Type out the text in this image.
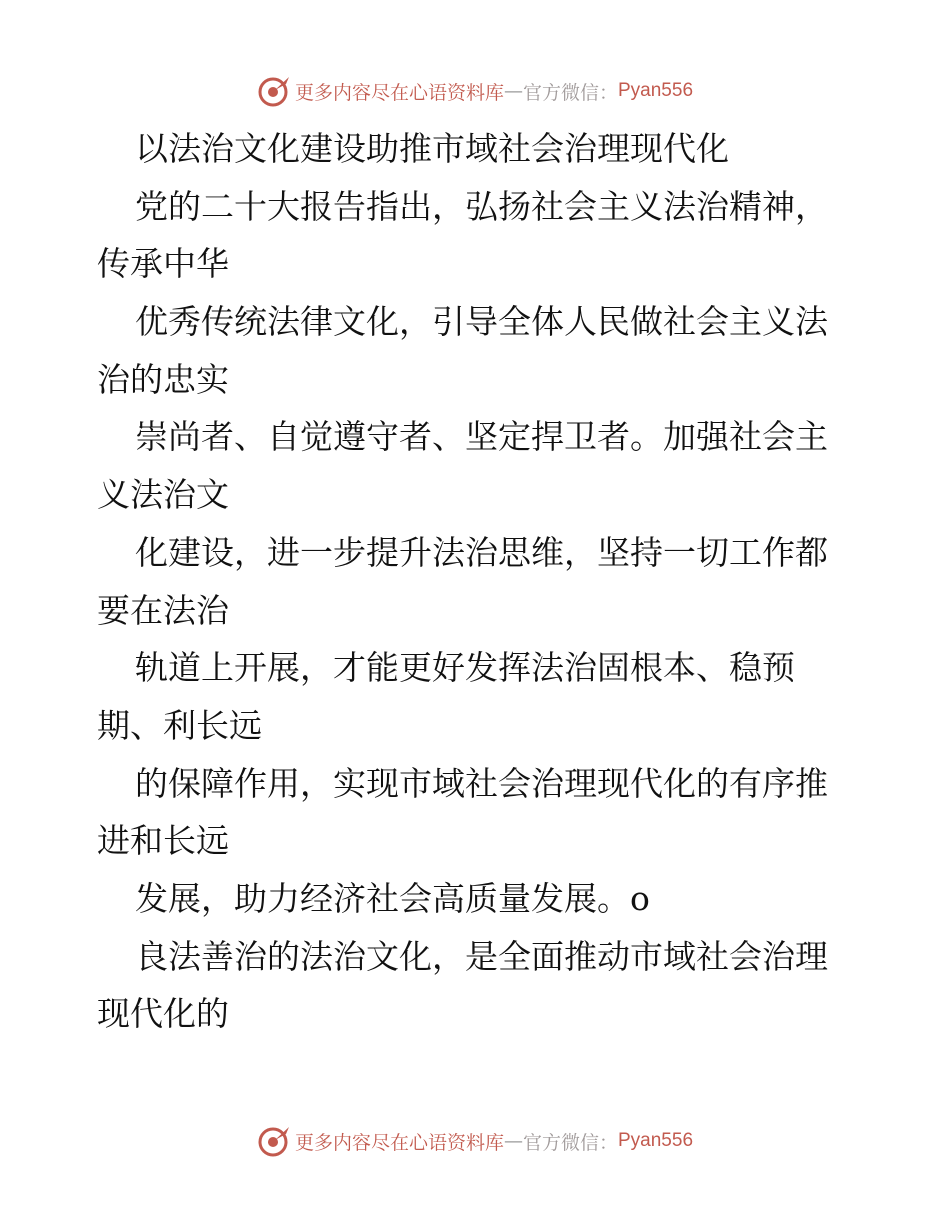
更多内容尽在心语资料库 — 官方微信： Pyan556

以法治文化建设助推市域社会治理现代化

党的二十大报告指出，弘扬社会主义法治精神，

传承中华

优秀传统法律文化，引导全体人民做社会主义法

治的忠实

崇尚者、自觉遵守者、坚定捍卫者。加强社会主

义法治文

化建设，进一步提升法治思维，坚持一切工作都

要在法治

轨道上开展，才能更好发挥法治固根本、稳预

期、利长远

的保障作用，实现市域社会治理现代化的有序推

进和长远

发展，助力经济社会高质量发展。o

良法善治的法治文化，是全面推动市域社会治理

现代化的

更多内容尽在心语资料库 — 官方微信： Pyan556
